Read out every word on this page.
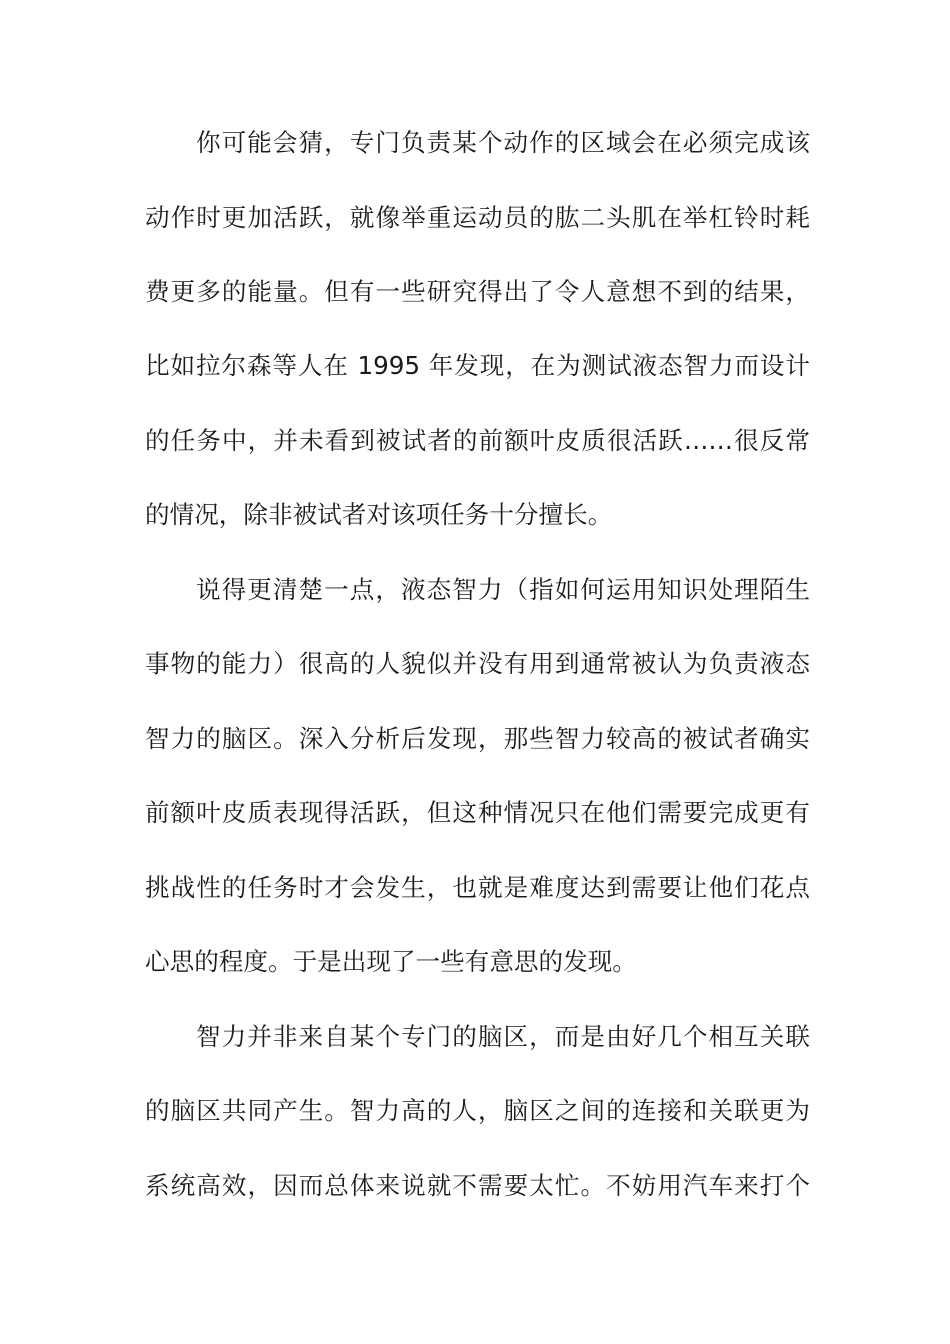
你可能会猜，专门负责某个动作的区域会在必须完成该
动作时更加活跃，就像举重运动员的肱二头肌在举杠铃时耗
费更多的能量。但有一些研究得出了令人意想不到的结果，
比如拉尔森等人在 1995 年发现，在为测试液态智力而设计
的任务中，并未看到被试者的前额叶皮质很活跃……很反常
的情况，除非被试者对该项任务十分擅长。
说得更清楚一点，液态智力（指如何运用知识处理陌生
事物的能力）很高的人貌似并没有用到通常被认为负责液态
智力的脑区。深入分析后发现，那些智力较高的被试者确实
前额叶皮质表现得活跃，但这种情况只在他们需要完成更有
挑战性的任务时才会发生，也就是难度达到需要让他们花点
心思的程度。于是出现了一些有意思的发现。
智力并非来自某个专门的脑区，而是由好几个相互关联
的脑区共同产生。智力高的人，脑区之间的连接和关联更为
系统高效，因而总体来说就不需要太忙。不妨用汽车来打个
